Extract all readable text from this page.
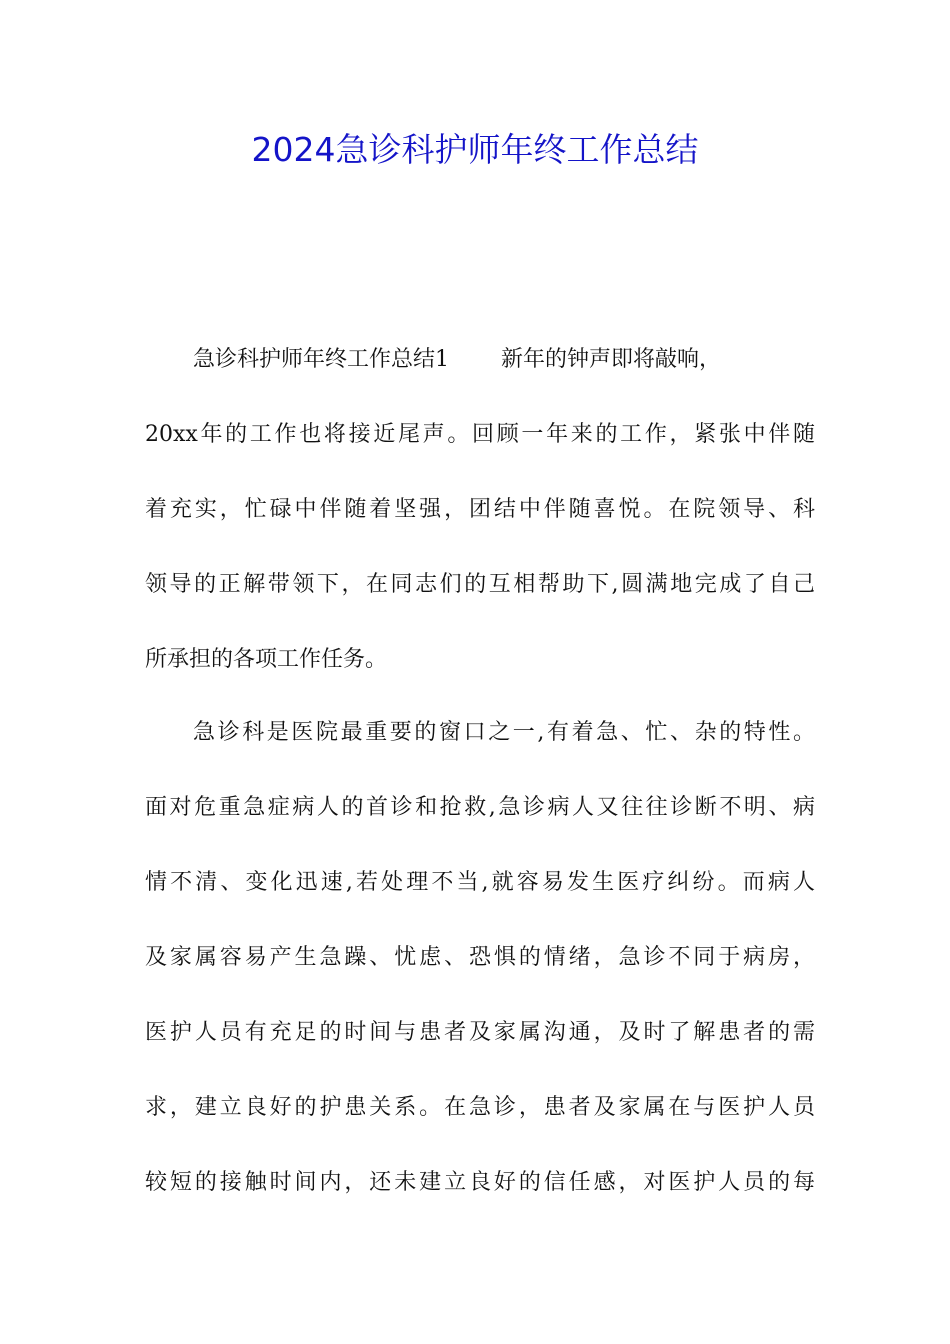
2024急诊科护师年终工作总结

急诊科护师年终工作总结1 新年的钟声即将敲响，

20xx年的工作也将接近尾声。回顾一年来的工作，紧张中伴随

着充实，忙碌中伴随着坚强，团结中伴随喜悦。在院领导、科

领导的正解带领下，在同志们的互相帮助下,圆满地完成了自己

所承担的各项工作任务。

急诊科是医院最重要的窗口之一,有着急、忙、杂的特性。

面对危重急症病人的首诊和抢救,急诊病人又往往诊断不明、病

情不清、变化迅速,若处理不当,就容易发生医疗纠纷。而病人

及家属容易产生急躁、忧虑、恐惧的情绪，急诊不同于病房，

医护人员有充足的时间与患者及家属沟通，及时了解患者的需

求，建立良好的护患关系。在急诊，患者及家属在与医护人员

较短的接触时间内，还未建立良好的信任感，对医护人员的每
